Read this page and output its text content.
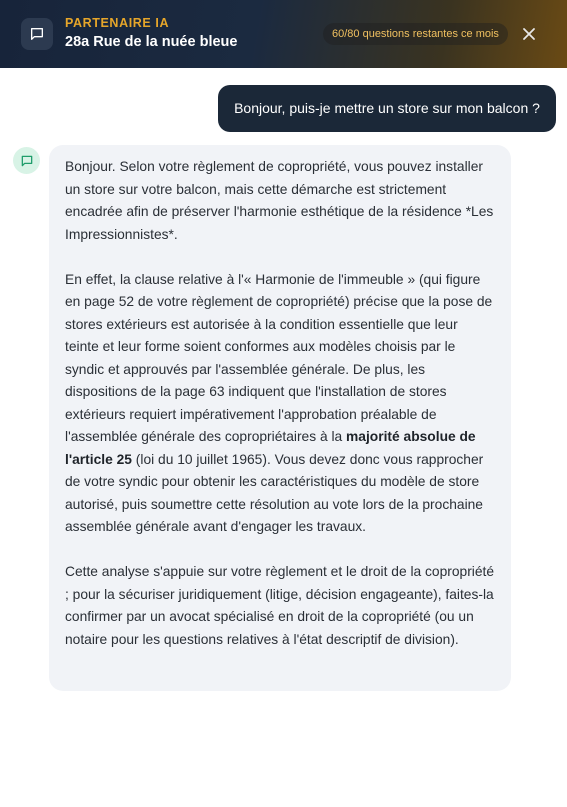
PARTENAIRE IA
28a Rue de la nuée bleue	60/80 questions restantes ce mois
Bonjour, puis-je mettre un store sur mon balcon ?

Bonjour. Selon votre règlement de copropriété, vous pouvez installer un store sur votre balcon, mais cette démarche est strictement encadrée afin de préserver l'harmonie esthétique de la résidence *Les Impressionnistes*.

En effet, la clause relative à l'« Harmonie de l'immeuble » (qui figure en page 52 de votre règlement de copropriété) précise que la pose de stores extérieurs est autorisée à la condition essentielle que leur teinte et leur forme soient conformes aux modèles choisis par le syndic et approuvés par l'assemblée générale. De plus, les dispositions de la page 63 indiquent que l'installation de stores extérieurs requiert impérativement l'approbation préalable de l'assemblée générale des copropriétaires à la majorité absolue de l'article 25 (loi du 10 juillet 1965). Vous devez donc vous rapprocher de votre syndic pour obtenir les caractéristiques du modèle de store autorisé, puis soumettre cette résolution au vote lors de la prochaine assemblée générale avant d'engager les travaux.

Cette analyse s'appuie sur votre règlement et le droit de la copropriété ; pour la sécuriser juridiquement (litige, décision engageante), faites-la confirmer par un avocat spécialisé en droit de la copropriété (ou un notaire pour les questions relatives à l'état descriptif de division).
